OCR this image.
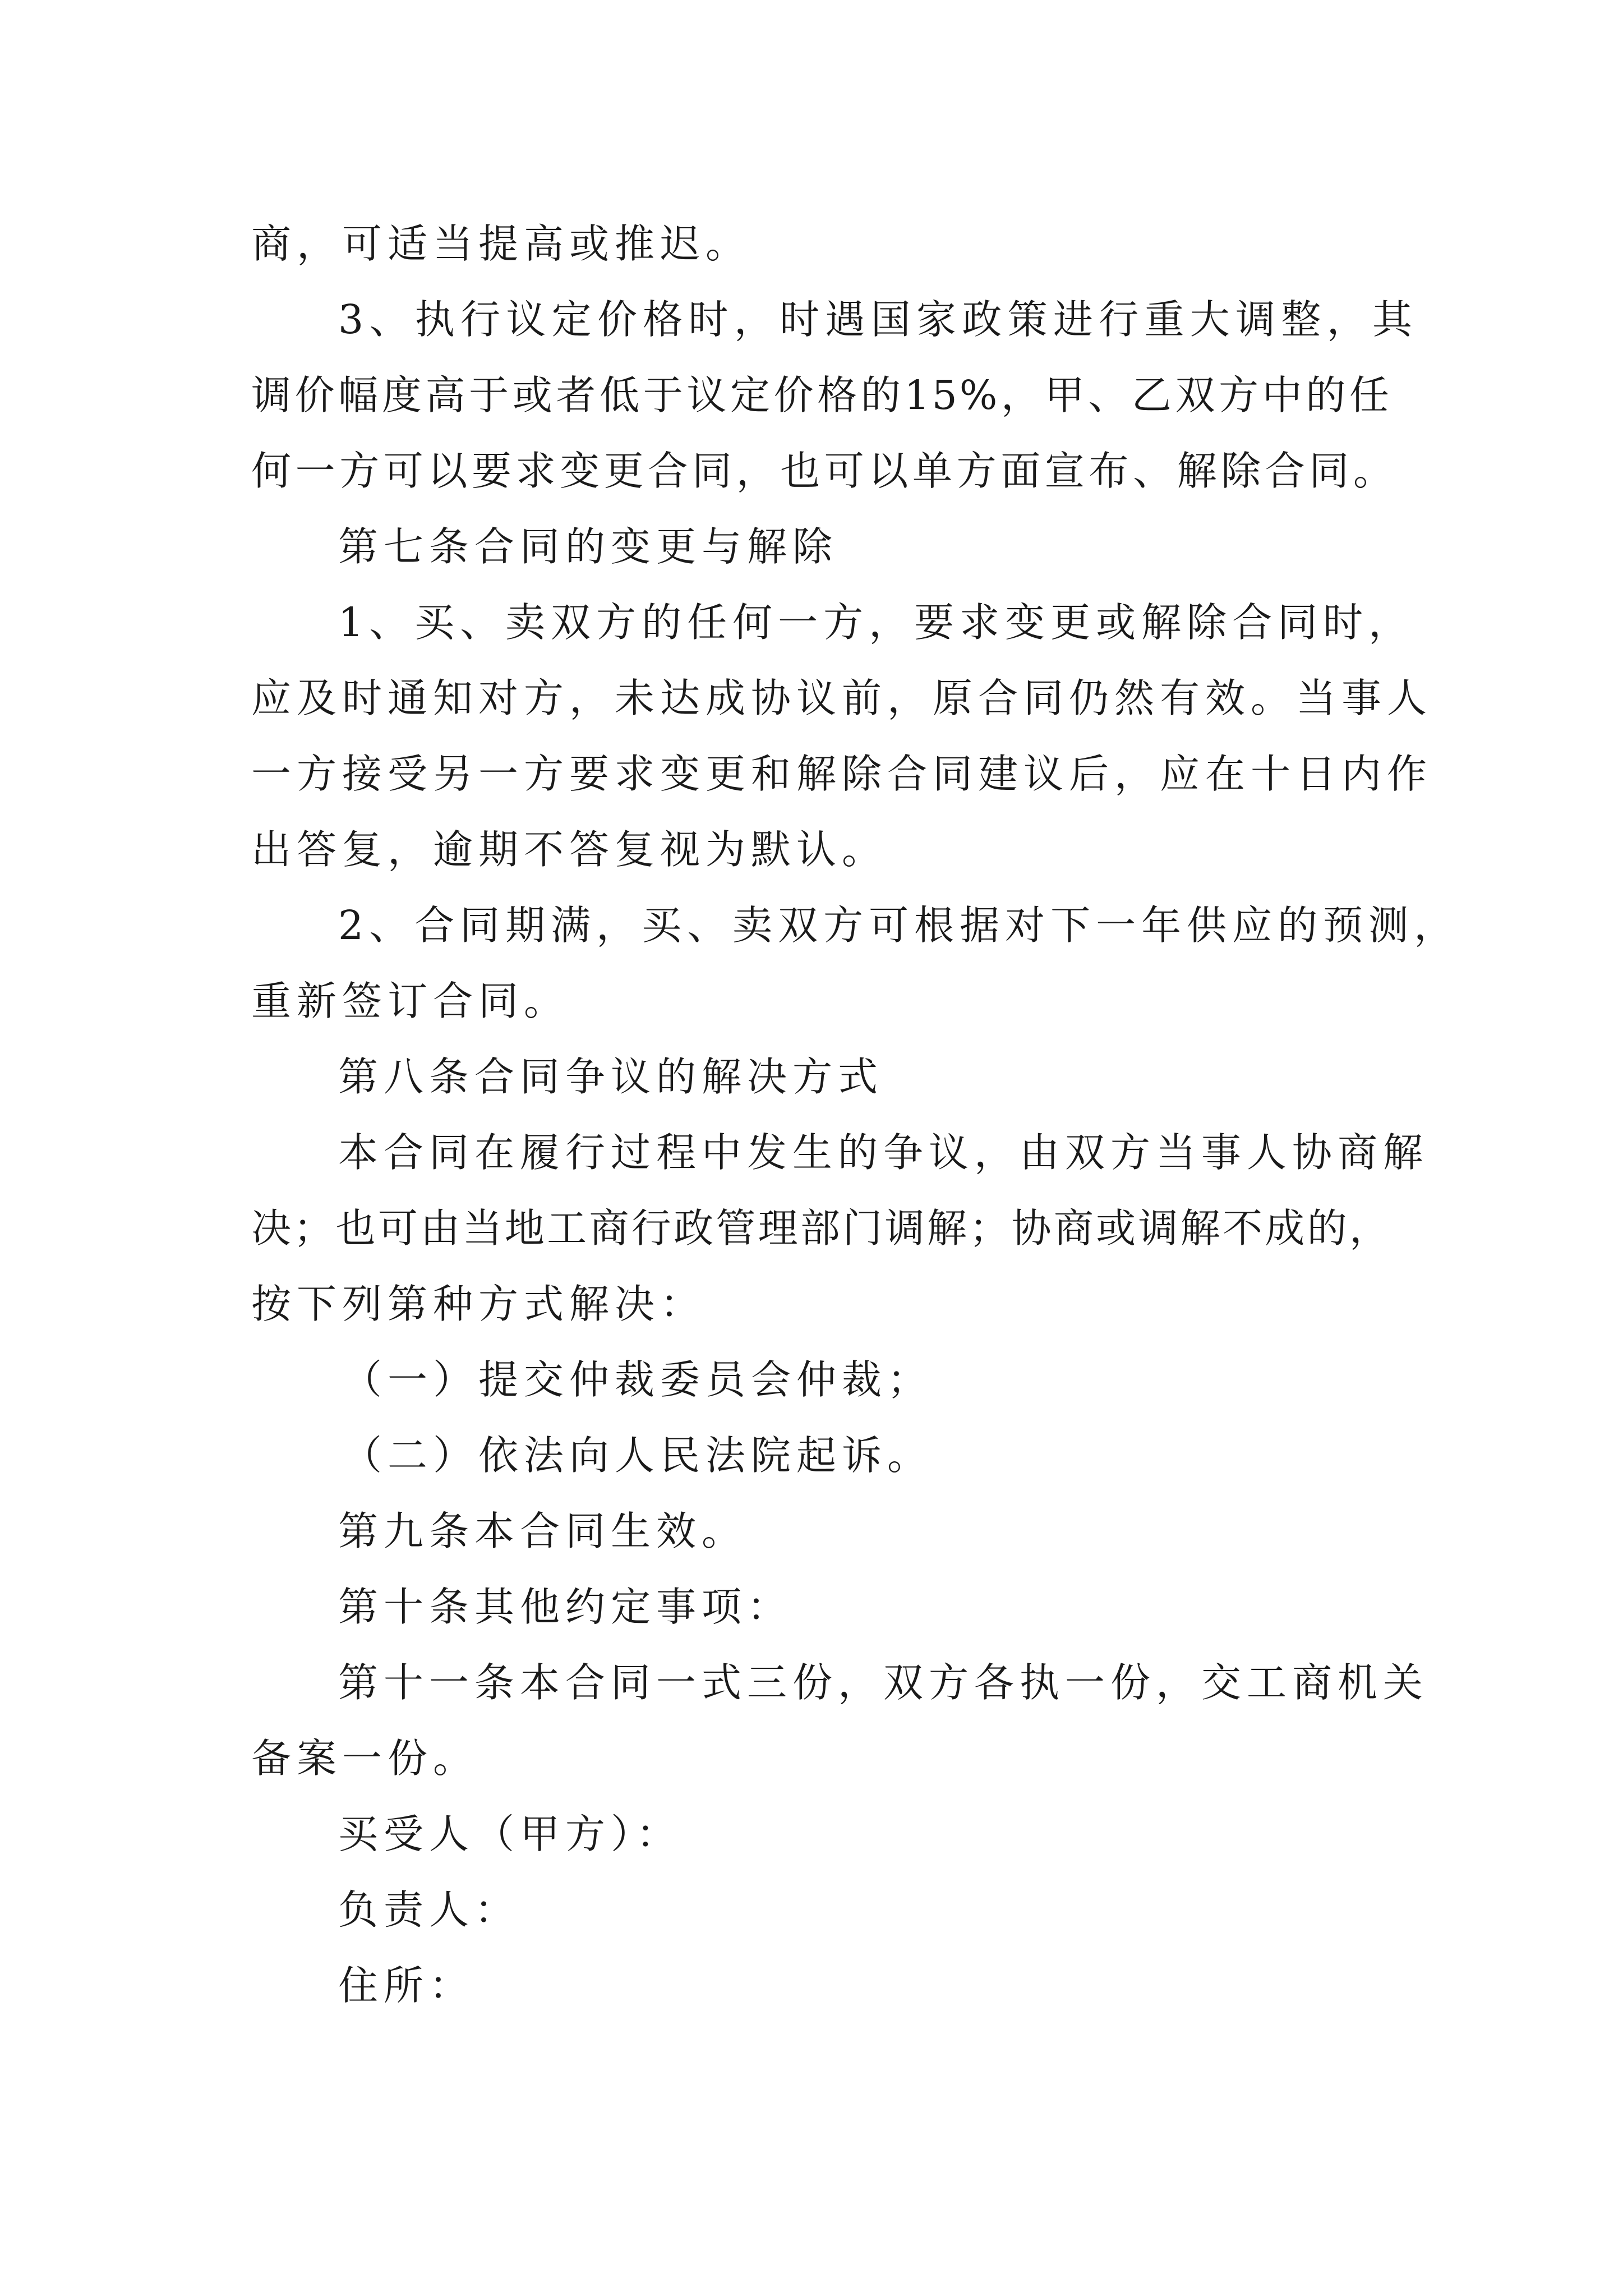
商，可适当提高或推迟。
3、执行议定价格时，时遇国家政策进行重大调整，其
调价幅度高于或者低于议定价格的15%，甲、乙双方中的任
何一方可以要求变更合同，也可以单方面宣布、解除合同。
第七条合同的变更与解除
1、买、卖双方的任何一方，要求变更或解除合同时，
应及时通知对方，未达成协议前，原合同仍然有效。当事人
一方接受另一方要求变更和解除合同建议后，应在十日内作
出答复，逾期不答复视为默认。
2、合同期满，买、卖双方可根据对下一年供应的预测，
重新签订合同。
第八条合同争议的解决方式
本合同在履行过程中发生的争议，由双方当事人协商解
决；也可由当地工商行政管理部门调解；协商或调解不成的，
按下列第种方式解决：
（一）提交仲裁委员会仲裁；
（二）依法向人民法院起诉。
第九条本合同生效。
第十条其他约定事项：
第十一条本合同一式三份，双方各执一份，交工商机关
备案一份。
买受人（甲方）：
负责人：
住所：
